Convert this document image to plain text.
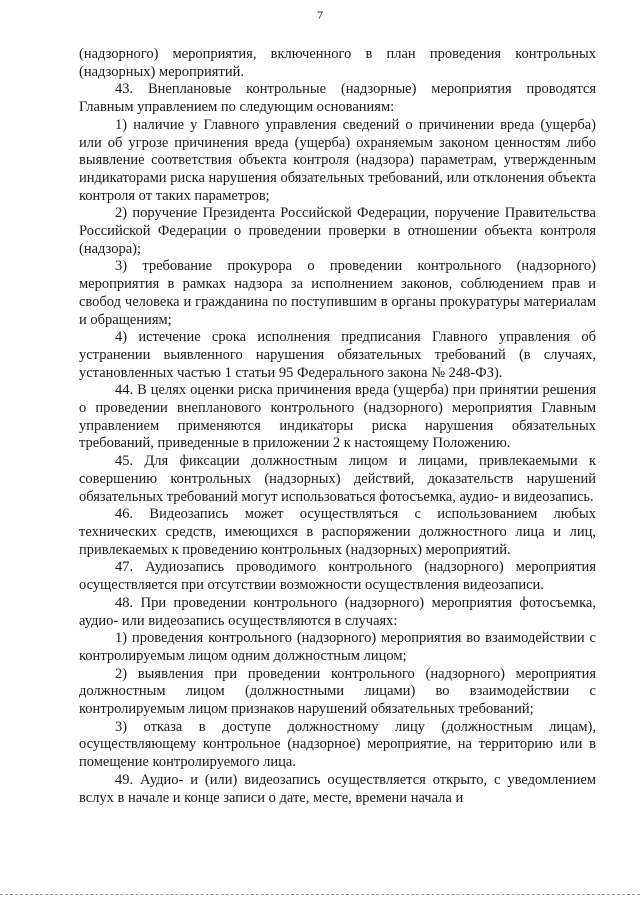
7

(надзорного) мероприятия, включенного в план проведения контрольных (надзорных) мероприятий.

43. Внеплановые контрольные (надзорные) мероприятия проводятся Главным управлением по следующим основаниям:

1) наличие у Главного управления сведений о причинении вреда (ущерба) или об угрозе причинения вреда (ущерба) охраняемым законом ценностям либо выявление соответствия объекта контроля (надзора) параметрам, утвержденным индикаторами риска нарушения обязательных требований, или отклонения объекта контроля от таких параметров;

2) поручение Президента Российской Федерации, поручение Правительства Российской Федерации о проведении проверки в отношении объекта контроля (надзора);

3) требование прокурора о проведении контрольного (надзорного) мероприятия в рамках надзора за исполнением законов, соблюдением прав и свобод человека и гражданина по поступившим в органы прокуратуры материалам и обращениям;

4) истечение срока исполнения предписания Главного управления об устранении выявленного нарушения обязательных требований (в случаях, установленных частью 1 статьи 95 Федерального закона № 248-ФЗ).

44. В целях оценки риска причинения вреда (ущерба) при принятии решения о проведении внепланового контрольного (надзорного) мероприятия Главным управлением применяются индикаторы риска нарушения обязательных требований, приведенные в приложении 2 к настоящему Положению.

45. Для фиксации должностным лицом и лицами, привлекаемыми к совершению контрольных (надзорных) действий, доказательств нарушений обязательных требований могут использоваться фотосъемка, аудио- и видеозапись.

46. Видеозапись может осуществляться с использованием любых технических средств, имеющихся в распоряжении должностного лица и лиц, привлекаемых к проведению контрольных (надзорных) мероприятий.

47. Аудиозапись проводимого контрольного (надзорного) мероприятия осуществляется при отсутствии возможности осуществления видеозаписи.

48. При проведении контрольного (надзорного) мероприятия фотосъемка, аудио- или видеозапись осуществляются в случаях:

1) проведения контрольного (надзорного) мероприятия во взаимодействии с контролируемым лицом одним должностным лицом;

2) выявления при проведении контрольного (надзорного) мероприятия должностным лицом (должностными лицами) во взаимодействии с контролируемым лицом признаков нарушений обязательных требований;

3) отказа в доступе должностному лицу (должностным лицам), осуществляющему контрольное (надзорное) мероприятие, на территорию или в помещение контролируемого лица.

49. Аудио- и (или) видеозапись осуществляется открыто, с уведомлением вслух в начале и конце записи о дате, месте, времени начала и
